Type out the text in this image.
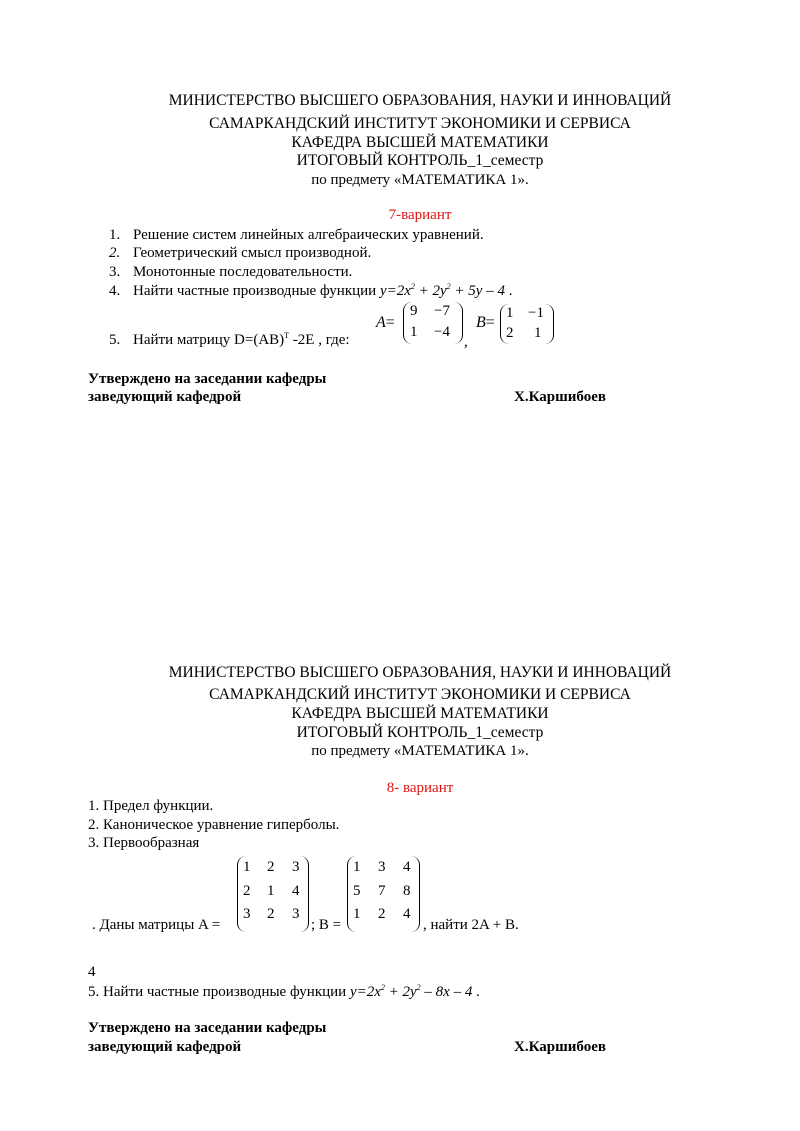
МИНИСТЕРСТВО ВЫСШЕГО ОБРАЗОВАНИЯ, НАУКИ И ИННОВАЦИЙ
САМАРКАНДСКИЙ ИНСТИТУТ ЭКОНОМИКИ И СЕРВИСА
КАФЕДРА ВЫСШЕЙ МАТЕМАТИКИ
ИТОГОВЫЙ КОНТРОЛЬ_1_семестр
по предмету «МАТЕМАТИКА 1».
7-вариант
1. Решение систем линейных алгебраических уравнений.
2. Геометрический смысл производной.
3. Монотонные последовательности.
4. Найти частные производные функции $y=2x^2 + 2y^2 + 5y - 4$ .
5. Найти матрицу D=(AB)$^T$ -2E , где:
A=
9 −7
1 −4
,
B=
1 −1
2 1
Утверждено на заседании кафедры
заведующий кафедрой	Х.Каршибоев
МИНИСТЕРСТВО ВЫСШЕГО ОБРАЗОВАНИЯ, НАУКИ И ИННОВАЦИЙ
САМАРКАНДСКИЙ ИНСТИТУТ ЭКОНОМИКИ И СЕРВИСА
КАФЕДРА ВЫСШЕЙ МАТЕМАТИКИ
ИТОГОВЫЙ КОНТРОЛЬ_1_семестр
по предмету «МАТЕМАТИКА 1».
8- вариант
1. Предел функции.
2. Каноническое уравнение гиперболы.
3. Первообразная
. Даны матрицы A =
1 2 3
2 1 4
3 2 3
; B =
1 3 4
5 7 8
1 2 4
, найти 2A + B.
4
5. Найти частные производные функции $y=2x^2 + 2y^2 - 8x - 4$ .
Утверждено на заседании кафедры
заведующий кафедрой	Х.Каршибоев
